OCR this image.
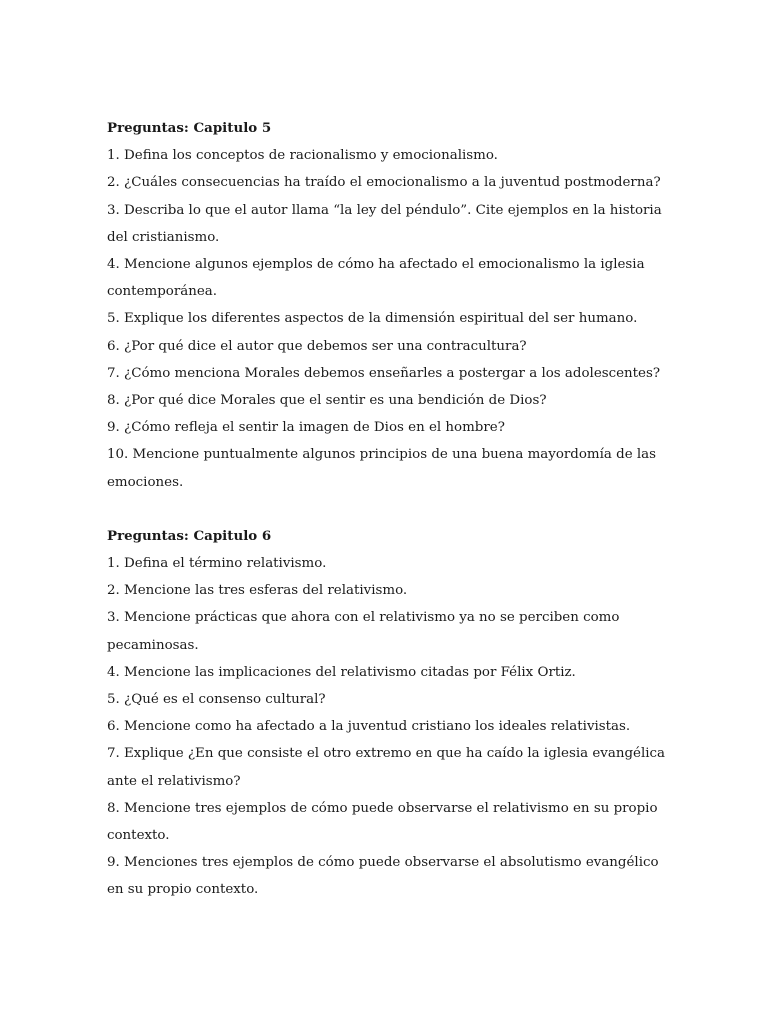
Preguntas: Capitulo 5
1. Defina los conceptos de racionalismo y emocionalismo.
2. ¿Cuáles consecuencias ha traído el emocionalismo a la juventud postmoderna?
3. Describa lo que el autor llama “la ley del péndulo”. Cite ejemplos en la historia del cristianismo.
4. Mencione algunos ejemplos de cómo ha afectado el emocionalismo la iglesia contemporánea.
5. Explique los diferentes aspectos de la dimensión espiritual del ser humano.
6. ¿Por qué dice el autor que debemos ser una contracultura?
7. ¿Cómo menciona Morales debemos enseñarles a postergar a los adolescentes?
8. ¿Por qué dice Morales que el sentir es una bendición de Dios?
9. ¿Cómo refleja el sentir la imagen de Dios en el hombre?
10. Mencione puntualmente algunos principios de una buena mayordomía de las emociones.
Preguntas: Capitulo 6
1. Defina el término relativismo.
2. Mencione las tres esferas del relativismo.
3. Mencione prácticas que ahora con el relativismo ya no se perciben como pecaminosas.
4. Mencione las implicaciones del relativismo citadas por Félix Ortiz.
5. ¿Qué es el consenso cultural?
6. Mencione como ha afectado a la juventud cristiano los ideales relativistas.
7. Explique ¿En que consiste el otro extremo en que ha caído la iglesia evangélica ante el relativismo?
8. Mencione tres ejemplos de cómo puede observarse el relativismo en su propio contexto.
9. Menciones tres ejemplos de cómo puede observarse el absolutismo evangélico en su propio contexto.
